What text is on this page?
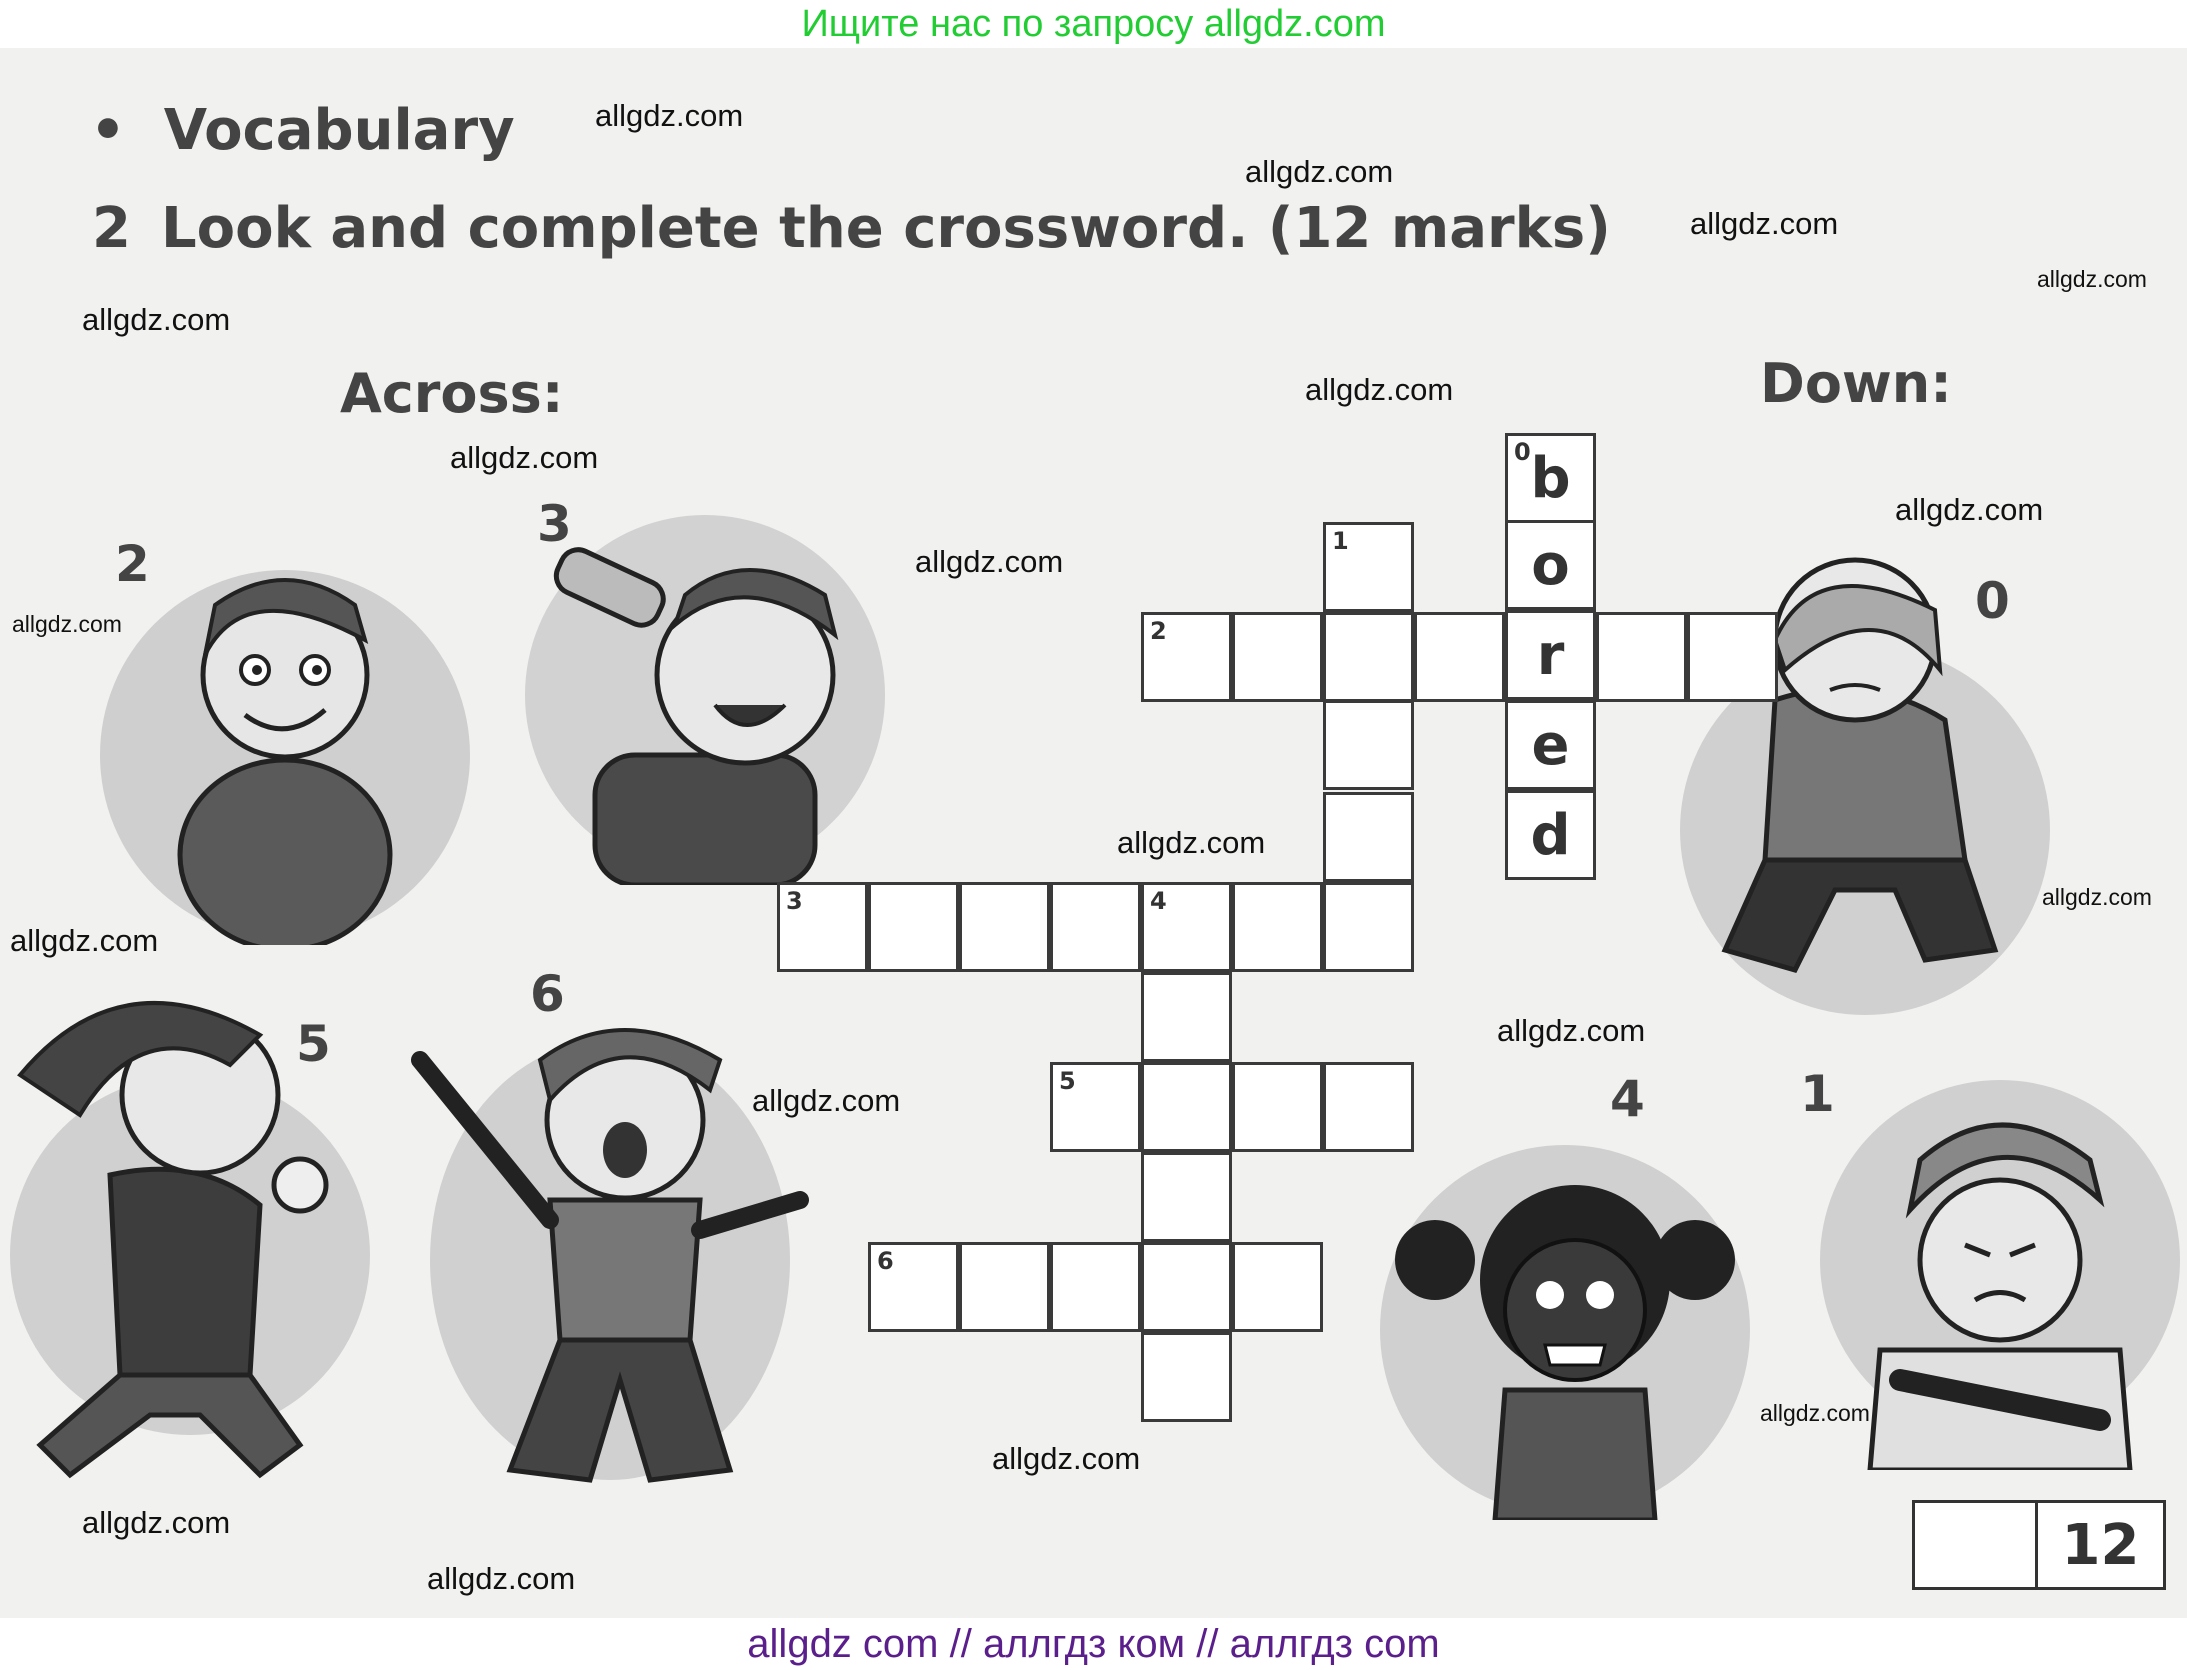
Ищите нас по запросу allgdz.com
• Vocabulary
2 Look and complete the crossword. (12 marks)
Across:	Down:
2
3
0
5
6
4	1
0 b
o
r
e
d
1
2
3	4
5
6
12
allgdz.com
allgdz.com
allgdz.com
allgdz.com
allgdz.com
allgdz.com
allgdz.com
allgdz.com
allgdz.com
allgdz.com
allgdz.com
allgdz.com
allgdz.com
allgdz.com
allgdz.com
allgdz.com
allgdz.com
allgdz.com
allgdz.com
allgdz com // аллгдз ком // аллгдз com
